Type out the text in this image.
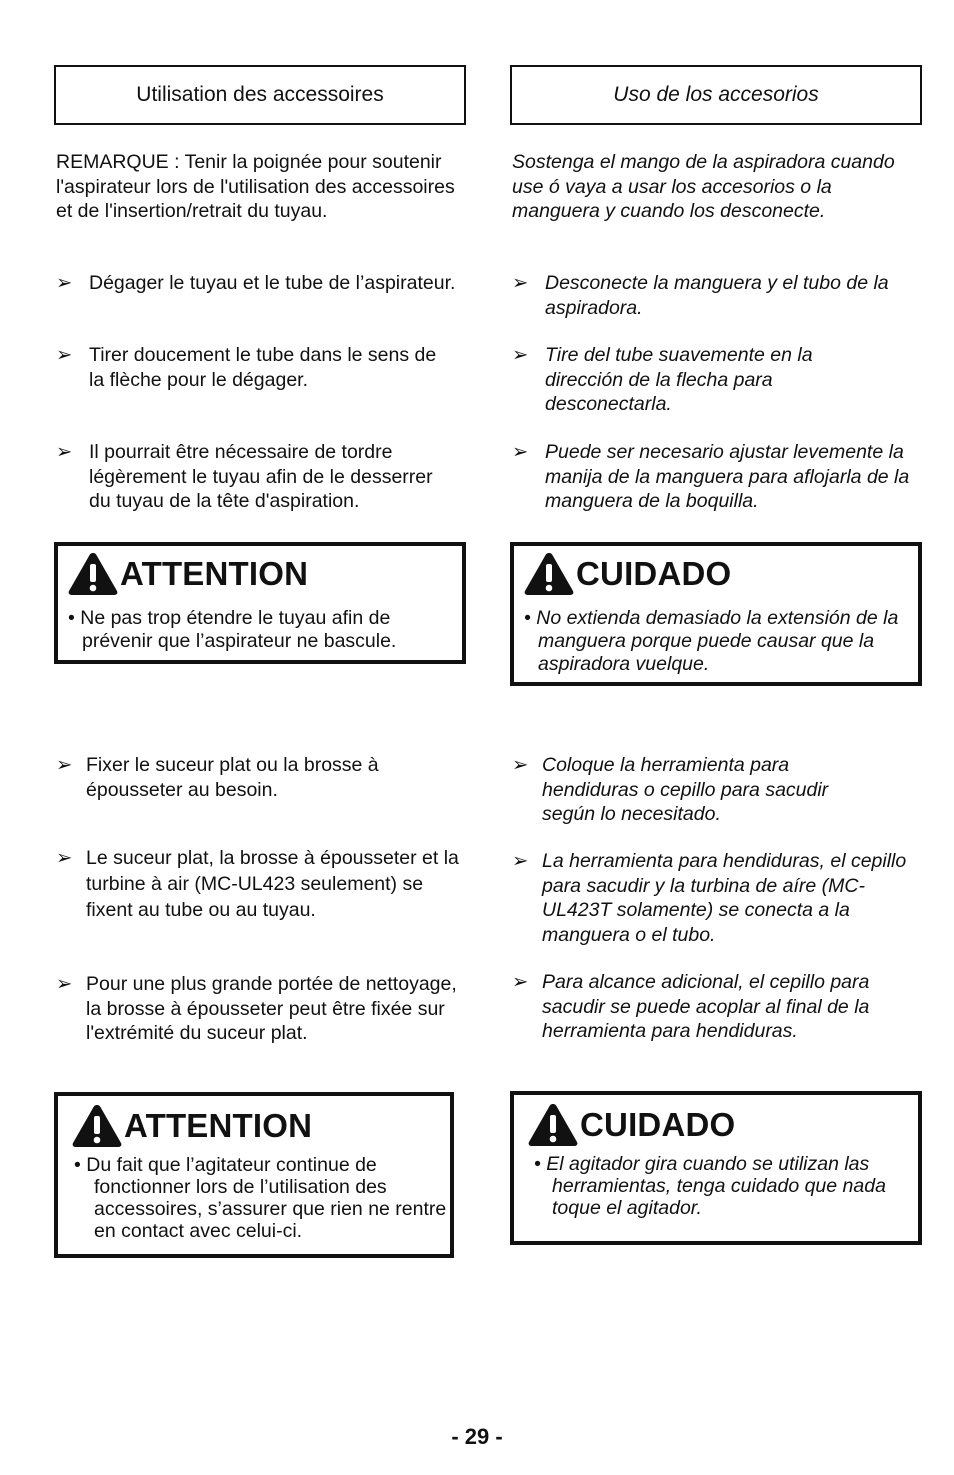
Utilisation des accessoires
REMARQUE : Tenir la poignée pour soutenir l'aspirateur lors de l'utilisation des accessoires et de l'insertion/retrait du tuyau.
➢ Dégager le tuyau et le tube de l’aspirateur.
➢ Tirer doucement le tube dans le sens de la flèche pour le dégager.
➢ Il pourrait être nécessaire de tordre légèrement le tuyau afin de le desserrer du tuyau de la tête d'aspiration.
ATTENTION
• Ne pas trop étendre le tuyau afin de prévenir que l’aspirateur ne bascule.
➢ Fixer le suceur plat ou la brosse à épousseter au besoin.
➢ Le suceur plat, la brosse à épousseter et la turbine à air (MC-UL423 seulement) se fixent au tube ou au tuyau.
➢ Pour une plus grande portée de nettoyage, la brosse à épousseter peut être fixée sur l'extrémité du suceur plat.
ATTENTION
• Du fait que l’agitateur continue de fonctionner lors de l’utilisation des accessoires, s’assurer que rien ne rentre en contact avec celui-ci.
Uso de los accesorios
Sostenga el mango de la aspiradora cuando use ó vaya a usar los accesorios o la manguera y cuando los desconecte.
➢ Desconecte la manguera y el tubo de la aspiradora.
➢ Tire del tube suavemente en la dirección de la flecha para desconectarla.
➢ Puede ser necesario ajustar levemente la manija de la manguera para aflojarla de la manguera de la boquilla.
CUIDADO
• No extienda demasiado la extensión de la manguera porque puede causar que la aspiradora vuelque.
➢ Coloque la herramienta para hendiduras o cepillo para sacudir según lo necesitado.
➢ La herramienta para hendiduras, el cepillo para sacudir y la turbina de aíre (MC-UL423T solamente) se conecta a la manguera o el tubo.
➢ Para alcance adicional, el cepillo para sacudir se puede acoplar al final de la herramienta para hendiduras.
CUIDADO
• El agitador gira cuando se utilizan las herramientas, tenga cuidado que nada toque el agitador.
- 29 -
